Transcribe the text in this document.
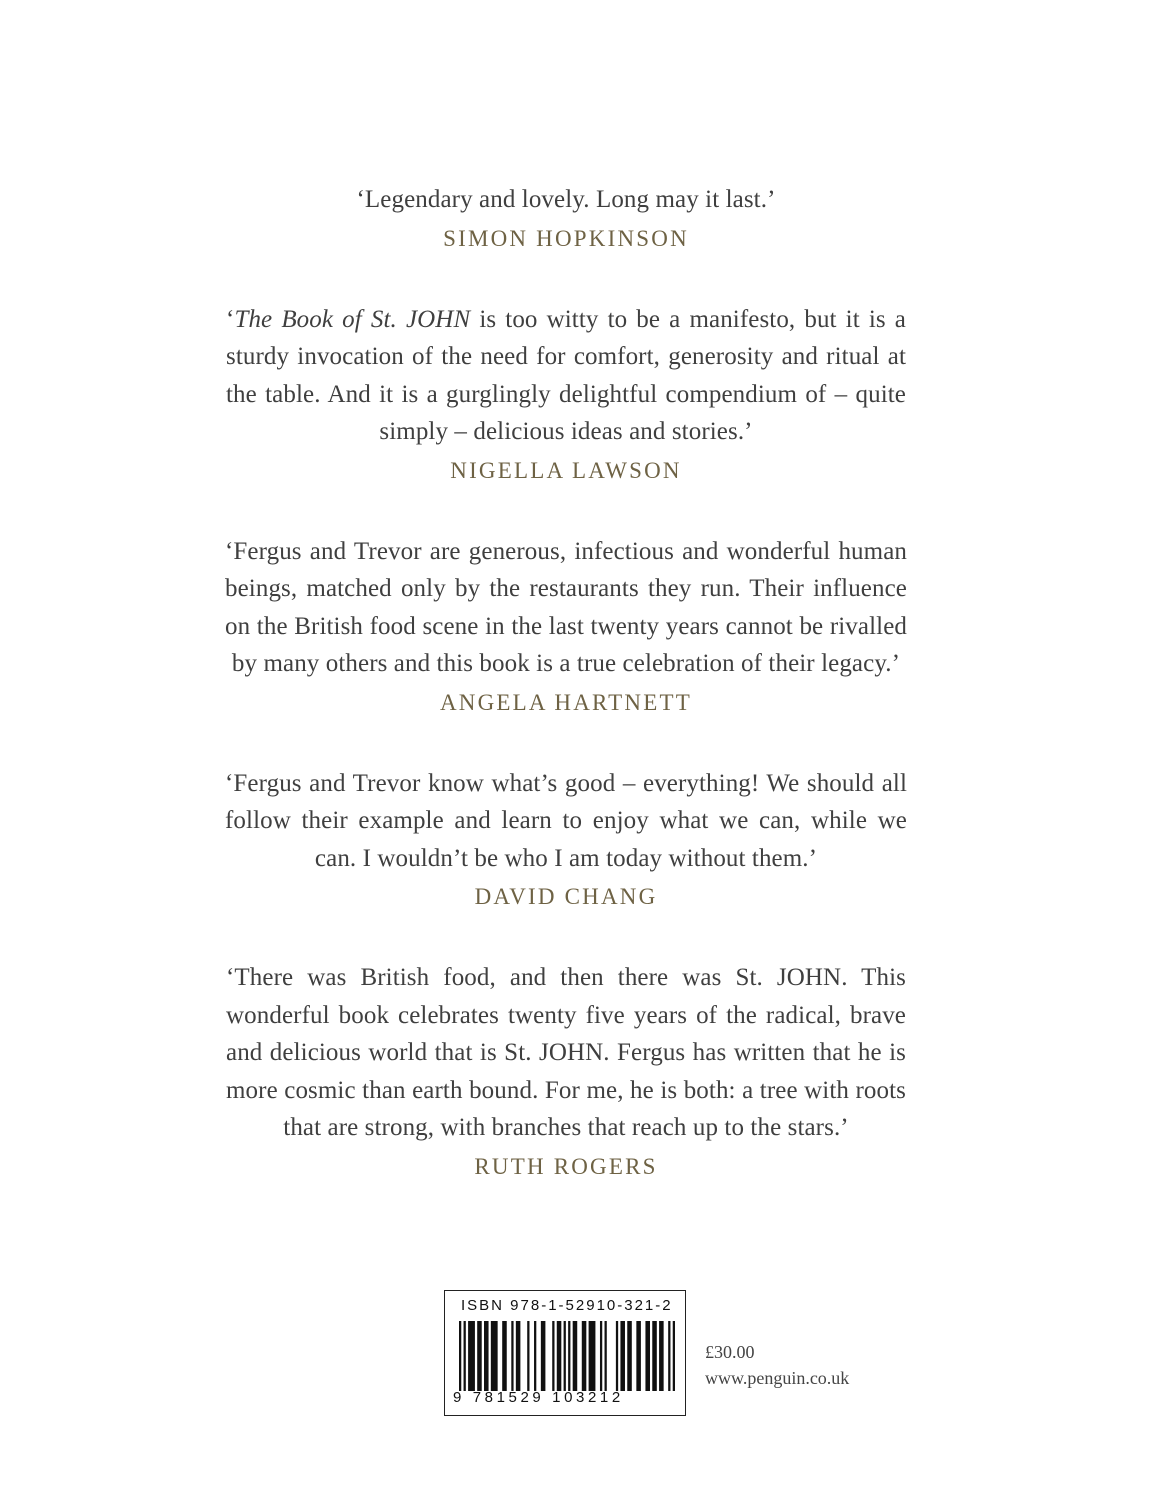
‘Legendary and lovely. Long may it last.’
SIMON HOPKINSON
‘The Book of St. JOHN is too witty to be a manifesto, but it is a sturdy invocation of the need for comfort, generosity and ritual at the table. And it is a gurglingly delightful compendium of – quite simply – delicious ideas and stories.’
NIGELLA LAWSON
‘Fergus and Trevor are generous, infectious and wonderful human beings, matched only by the restaurants they run. Their influence on the British food scene in the last twenty years cannot be rivalled by many others and this book is a true celebration of their legacy.’
ANGELA HARTNETT
‘Fergus and Trevor know what’s good – everything! We should all follow their example and learn to enjoy what we can, while we can. I wouldn’t be who I am today without them.’
DAVID CHANG
‘There was British food, and then there was St. JOHN. This wonderful book celebrates twenty five years of the radical, brave and delicious world that is St. JOHN. Fergus has written that he is more cosmic than earth bound. For me, he is both: a tree with roots that are strong, with branches that reach up to the stars.’
RUTH ROGERS
ISBN 978-1-52910-321-2
9 781529 103212
£30.00
www.penguin.co.uk
